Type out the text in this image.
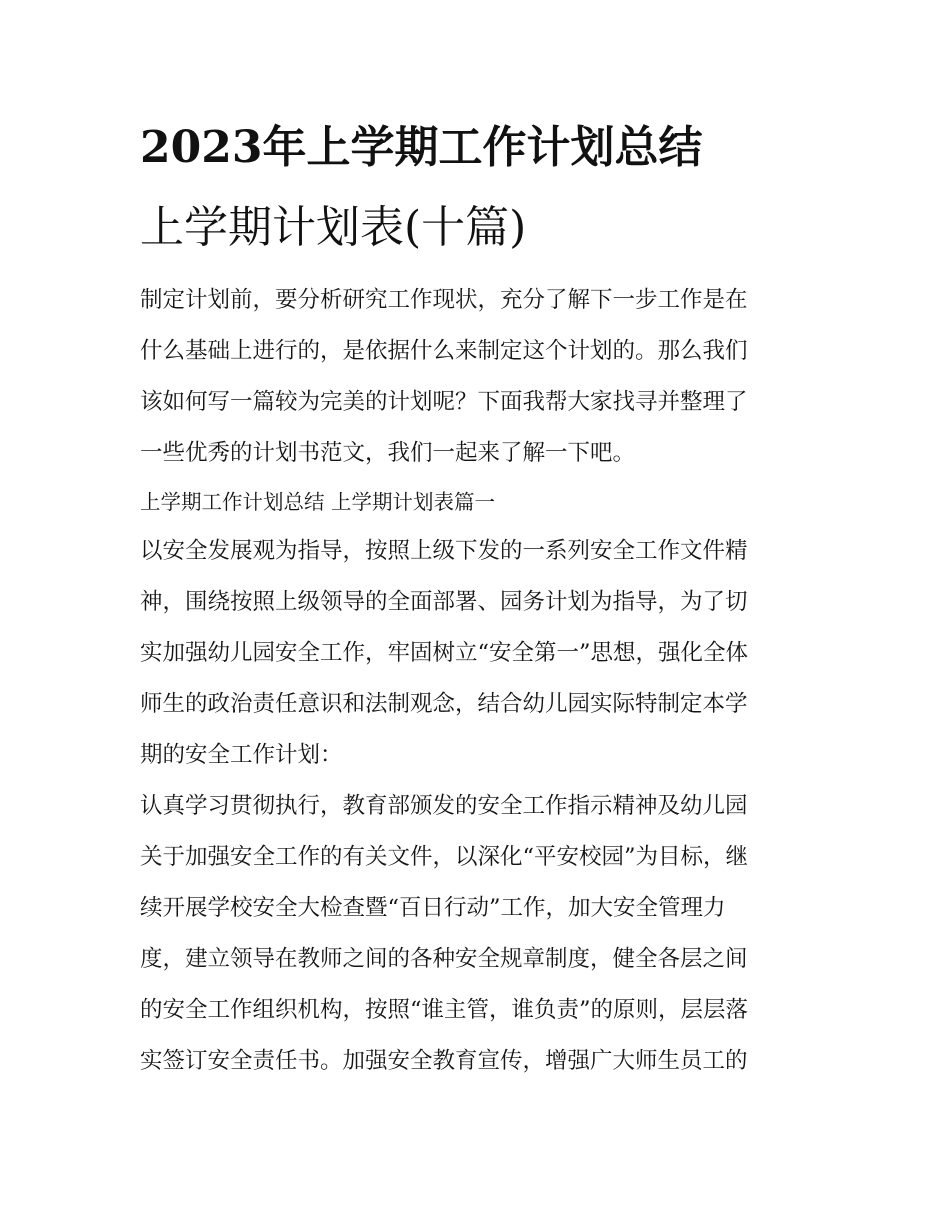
2023年上学期工作计划总结
上学期计划表(十篇)
制定计划前，要分析研究工作现状，充分了解下一步工作是在
什么基础上进行的，是依据什么来制定这个计划的。那么我们
该如何写一篇较为完美的计划呢？下面我帮大家找寻并整理了
一些优秀的计划书范文，我们一起来了解一下吧。
上学期工作计划总结 上学期计划表篇一
以安全发展观为指导，按照上级下发的一系列安全工作文件精
神，围绕按照上级领导的全面部署、园务计划为指导，为了切
实加强幼儿园安全工作，牢固树立“安全第一”思想，强化全体
师生的政治责任意识和法制观念，结合幼儿园实际特制定本学
期的安全工作计划：
认真学习贯彻执行，教育部颁发的安全工作指示精神及幼儿园
关于加强安全工作的有关文件，以深化“平安校园”为目标，继
续开展学校安全大检查暨“百日行动”工作，加大安全管理力
度，建立领导在教师之间的各种安全规章制度，健全各层之间
的安全工作组织机构，按照“谁主管，谁负责”的原则，层层落
实签订安全责任书。加强安全教育宣传，增强广大师生员工的
